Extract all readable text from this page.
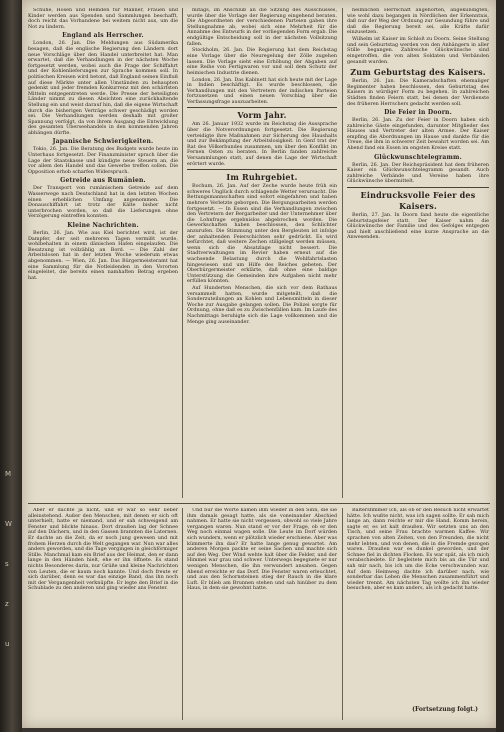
M
W
s
z
u

Schuhe, Hosen und Hemden für Männer, Frauen und Kinder werden aus Spenden und Sammlungen beschafft, doch reicht das Vorhandene bei weitem nicht aus, um die Not zu lindern.

England als Herrscher.

London, 26. Jan. Die Meldungen aus Südamerika besagen, daß die englische Regierung den Ländern dort neue Vorschläge über den Handel unterbreitet hat. Man erwartet, daß die Verhandlungen in der nächsten Woche fortgesetzt werden, wobei auch die Frage der Schiffahrt und der Kohlenlieferungen zur Sprache kommen soll. In politischen Kreisen wird betont, daß England seinen Einfluß auf diese Märkte unter allen Umständen zu behaupten gedenkt und jeder fremden Konkurrenz mit den schärfsten Mitteln entgegentreten werde. Die Presse der beteiligten Länder nimmt zu diesen Absichten eine zurückhaltende Stellung ein und weist darauf hin, daß die eigene Wirtschaft durch die bisherigen Verträge schwer geschädigt worden sei. Die Verhandlungen werden deshalb mit großer Spannung verfolgt, da von ihrem Ausgang die Entwicklung des gesamten Überseehandels in den kommenden Jahren abhängen dürfte.

Japanische Schwierigkeiten.

Tokio, 26. Jan. Die Beratung des Budgets wurde heute im Unterhaus fortgesetzt. Der Finanzminister sprach über die Lage der Staatskasse und kündigte neue Steuern an, die vor allem den Handel und das Gewerbe treffen sollen. Die Opposition erhob scharfen Widerspruch.

Getreide aus Rumänien.

Der Transport von rumänischem Getreide auf dem Wasserwege nach Deutschland hat in den letzten Wochen einen erheblichen Umfang angenommen. Die Donauschiffahrt ist trotz der Kälte bisher nicht unterbrochen worden, so daß die Lieferungen ohne Verzögerung eintreffen konnten.

Kleine Nachrichten.

Berlin, 26. Jan. Wie aus Kiel berichtet wird, ist der Dampfer, der seit mehreren Tagen vermißt wurde, wohlbehalten in einem dänischen Hafen eingelaufen. Die Besatzung ist vollzählig an Bord. — Die Zahl der Arbeitslosen hat in der letzten Woche wiederum etwas abgenommen. — Wien, 26. Jan. Das Bürgermeisteramt hat eine Sammlung für die Notleidenden in den Vororten eingeleitet, die bereits einen namhaften Betrag ergeben hat.

mitags, im Anschluß an die Sitzung des Ausschusses, wurde über die Vorlage der Regierung eingehend beraten. Die Abgeordneten der verschiedenen Parteien gaben ihre Stellungnahme ab, wobei sich eine Mehrheit für die Annahme des Entwurfs in der vorliegenden Form ergab. Die endgültige Entscheidung soll in der nächsten Vollsitzung fallen.

Stockholm, 26. Jan. Die Regierung hat dem Reichstag eine Vorlage über die Neuregelung der Zölle zugehen lassen. Die Vorlage sieht eine Erhöhung der Abgaben auf eine Reihe von Fertigwaren vor und soll dem Schutz der heimischen Industrie dienen.

London, 26. Jan. Das Kabinett hat sich heute mit der Lage in Indien beschäftigt. Es wurde beschlossen, die Verhandlungen mit den Vertretern der indischen Parteien fortzusetzen und einen neuen Vorschlag über die Verfassungsfrage auszuarbeiten.

Vorm Jahr.

Am 26. Januar 1932 wurde im Reichstag die Aussprache über die Notverordnungen fortgesetzt. Die Regierung verteidigte ihre Maßnahmen zur Sicherung des Haushalts und zur Bekämpfung der Arbeitslosigkeit. In Genf trat der Rat des Völkerbundes zusammen, um über den Konflikt im Fernen Osten zu beraten. In Berlin fanden zahlreiche Versammlungen statt, auf denen die Lage der Wirtschaft erörtert wurde.

Im Ruhrgebiet.

Bochum, 26. Jan. Auf der Zeche wurde heute früh ein schweres Unglück durch schlagende Wetter verursacht. Die Rettungsmannschaften sind sofort eingefahren und haben mehrere Verletzte geborgen. Die Bergungsarbeiten werden fortgesetzt. — In Essen sind die Verhandlungen zwischen den Vertretern der Bergarbeiter und der Unternehmer über die Lohnfrage ergebnislos abgebrochen worden. Die Gewerkschaften haben beschlossen, den Schlichter anzurufen. Die Stimmung unter den Bergleuten ist infolge der anhaltenden Feierschichten sehr gedrückt. Es wird befürchtet, daß weitere Zechen stillgelegt werden müssen, wenn sich die Absatzlage nicht bessert. Die Stadtverwaltungen im Revier haben erneut auf die wachsende Belastung durch die Wohlfahrtslasten hingewiesen und um Hilfe des Reiches gebeten. Der Oberbürgermeister erklärte, daß ohne eine baldige Unterstützung die Gemeinden ihre Aufgaben nicht mehr erfüllen könnten.

Auf Hunderten Menschen, die sich vor dem Rathaus versammelt hatten, wurde mitgeteilt, daß die Sonderzuteilungen an Kohlen und Lebensmitteln in dieser Woche zur Ausgabe gelangen sollen. Die Polizei sorgte für Ordnung, ohne daß es zu Zwischenfällen kam. Im Laufe des Nachmittags beruhigte sich die Lage vollkommen und die Menge ging auseinander.

heimlichen Herrschaft angehörten, angekündigten, wie wohl dazu begangen in Nördlichen der Erkenntnis, daß nur der Weg der Ordnung zur Gesundung führe und daß die Regierung bereit sei, alle Kräfte dafür einzusetzen.

Wilhelm ist Kaiser im Schloß zu Doorn. Seine Stellung und sein Geburtstag werden von den Anhängern in aller Stille begangen. Zahlreiche Glückwünsche sind eingetroffen, die von alten Soldaten und Verbänden gesandt wurden.

Zum Geburtstag des Kaisers.

Berlin, 26. Jan. Die Kameradschaften ehemaliger Regimenter haben beschlossen, den Geburtstag des Kaisers in würdiger Form zu begehen. In zahlreichen Städten finden Feiern statt, bei denen der Verdienste des früheren Herrschers gedacht werden soll.

Die Feier in Doorn.

Berlin, 26. Jan. Zu der Feier in Doorn haben sich zahlreiche Gäste eingefunden, darunter Mitglieder des Hauses und Vertreter der alten Armee. Der Kaiser empfing die Abordnungen im Hause und dankte für die Treue, die ihm in schwerer Zeit bewahrt worden sei. Am Abend fand ein Essen im engsten Kreise statt.

Glückwunschtelegramm.

Berlin, 26. Jan. Der Reichspräsident hat dem früheren Kaiser ein Glückwunschtelegramm gesandt. Auch zahlreiche Verbände und Vereine haben ihre Glückwünsche übermittelt.

Eindrucksvolle Feier des Kaisers.

Berlin, 27. Jan. In Doorn fand heute die eigentliche Geburtstagsfeier statt. Der Kaiser nahm die Glückwünsche der Familie und des Gefolges entgegen und hielt anschließend eine kurze Ansprache an die Anwesenden.

Aber er dachte ja nicht, und er war so sehr lieber alleinstehend. Außer den Menschen, mit denen er sich oft unterhielt, hatte er niemand, und er sah schweigend am Fenster und blickte hinaus. Dort draußen lag der Schnee auf den Dächern, und in den Gassen brannten die Laternen. Er dachte an die Zeit, da er noch jung gewesen und mit frohem Herzen durch die Welt gegangen war. Nun war alles anders geworden, und die Tage vergingen in gleichförmiger Stille. Manchmal kam ein Brief aus der Heimat, den er dann lange in den Händen hielt, ehe er ihn öffnete. Es stand nichts Besonderes darin, nur Grüße und kleine Nachrichten von Leuten, die er kaum noch kannte. Und doch freute er sich darüber, denn es war das einzige Band, das ihn noch mit der Vergangenheit verknüpfte. Er legte den Brief in die Schublade zu den anderen und ging wieder ans Fenster.

Und nur die Worte kamen ihm wieder in den Sinn, die sie ihm damals gesagt hatte, als sie voneinander Abschied nahmen. Er hatte sie nicht vergessen, obwohl so viele Jahre vergangen waren. Nun stand er vor der Frage, ob er den Weg noch einmal wagen solle. Die Leute im Dorf würden sich wundern, wenn er plötzlich wieder erschiene. Aber was kümmerte ihn das? Er hatte lange genug gewartet. Am anderen Morgen packte er seine Sachen und machte sich auf den Weg. Der Wind wehte kalt über die Felder, und der Himmel war grau und schwer. Unterwegs begegnete er nur wenigen Menschen, die ihn verwundert ansahen. Gegen Abend erreichte er das Dorf. Die Fenster waren erleuchtet, und aus den Schornsteinen stieg der Rauch in die klare Luft. Er blieb am Brunnen stehen und sah hinüber zu dem Haus, in dem sie gewohnt hatte.

Baltersfimmer ich, als ob er den Besuch nicht erwartet hätte. Ich wußte nicht, was ich sagen sollte. Er sah mich lange an, dann reichte er mir die Hand. Komm herein, sagte er, es ist kalt draußen. Wir setzten uns an den Tisch, und seine Frau brachte warmen Kaffee. Wir sprachen von alten Zeiten, von den Freunden, die nicht mehr lebten, und von denen, die in die Fremde gezogen waren. Draußen war es dunkel geworden, und der Schnee fiel in dichten Flocken. Es war spät, als ich mich verabschiedete. Er begleitete mich bis an die Tür und sah mir nach, bis ich um die Ecke verschwunden war. Auf dem Heimweg dachte ich darüber nach, wie sonderbar das Leben die Menschen zusammenführt und wieder trennt. Am nächsten Tag wollte ich ihn wieder besuchen, aber es kam anders, als ich gedacht hatte.

(Fortsetzung folgt.)
